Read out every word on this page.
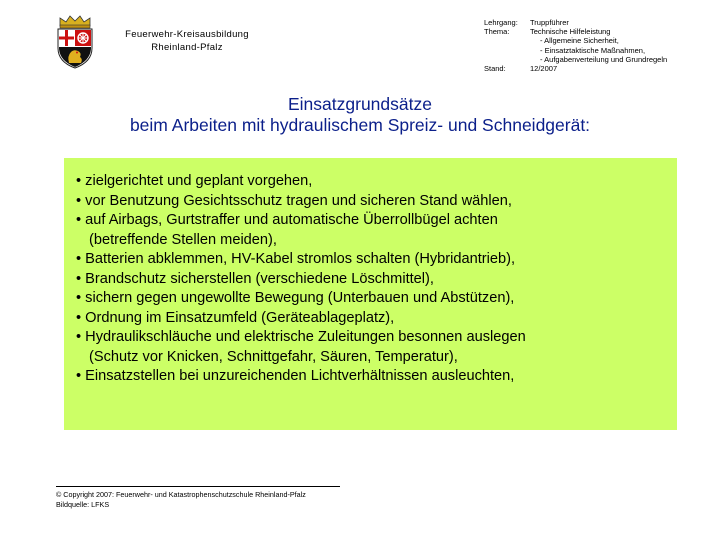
Feuerwehr-Kreisausbildung
Rheinland-Pfalz
Lehrgang:	Truppführer
Thema:	Technische Hilfeleistung
- Allgemeine Sicherheit,
- Einsatztaktische Maßnahmen,
- Aufgabenverteilung und Grundregeln
Stand:	12/2007
Einsatzgrundsätze
beim Arbeiten mit hydraulischem Spreiz- und Schneidgerät:
• zielgerichtet und geplant vorgehen,
• vor Benutzung Gesichtsschutz tragen und sicheren Stand wählen,
• auf Airbags, Gurtstraffer und automatische Überrollbügel achten
(betreffende Stellen meiden),
• Batterien abklemmen, HV-Kabel stromlos schalten (Hybridantrieb),
• Brandschutz sicherstellen (verschiedene Löschmittel),
• sichern gegen ungewollte Bewegung (Unterbauen und Abstützen),
• Ordnung im Einsatzumfeld (Geräteablageplatz),
• Hydraulikschläuche und elektrische Zuleitungen besonnen auslegen
(Schutz vor Knicken, Schnittgefahr, Säuren, Temperatur),
• Einsatzstellen bei unzureichenden Lichtverhältnissen ausleuchten,
© Copyright 2007: Feuerwehr- und Katastrophenschutzschule Rheinland-Pfalz
Bildquelle: LFKS
